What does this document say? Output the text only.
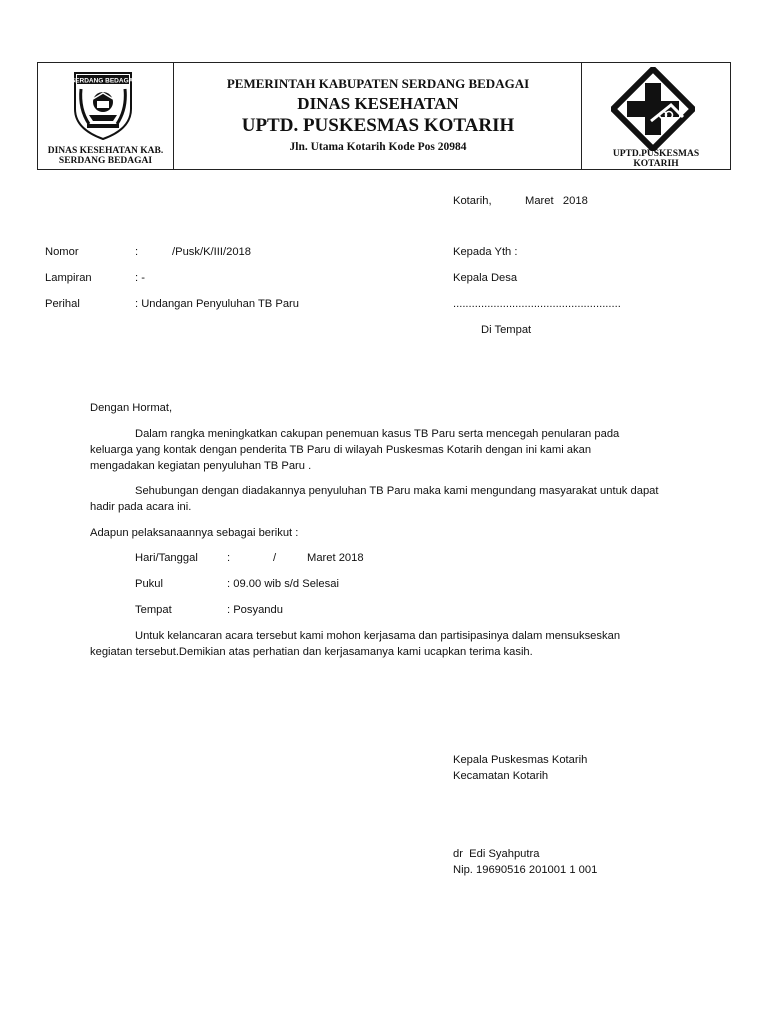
SERDANG BEDAGAI
DINAS KESEHATAN KAB.
SERDANG BEDAGAI
PEMERINTAH KABUPATEN SERDANG BEDAGAI
DINAS KESEHATAN
UPTD. PUSKESMAS KOTARIH
Jln. Utama Kotarih Kode Pos 20984
UPTD.PUSKESMAS
KOTARIH
Kotarih,	Maret   2018
Nomor	:	/Pusk/K/III/2018
Lampiran	: -
Perihal	: Undangan Penyuluhan TB Paru
Kepada Yth :
Kepala Desa
......................................................
Di Tempat
Dengan Hormat,
Dalam rangka meningkatkan cakupan penemuan kasus TB Paru serta mencegah penularan pada
keluarga yang kontak dengan penderita TB Paru di wilayah Puskesmas Kotarih dengan ini kami akan
mengadakan kegiatan penyuluhan TB Paru .
Sehubungan dengan diadakannya penyuluhan TB Paru maka kami mengundang masyarakat untuk dapat
hadir pada acara ini.
Adapun pelaksanaannya sebagai berikut :
Hari/Tanggal	:	/	Maret 2018
Pukul	: 09.00 wib s/d Selesai
Tempat	: Posyandu
Untuk kelancaran acara tersebut kami mohon kerjasama dan partisipasinya dalam mensukseskan
kegiatan tersebut.Demikian atas perhatian dan kerjasamanya kami ucapkan terima kasih.
Kepala Puskesmas Kotarih
Kecamatan Kotarih
dr  Edi Syahputra
Nip. 19690516 201001 1 001
